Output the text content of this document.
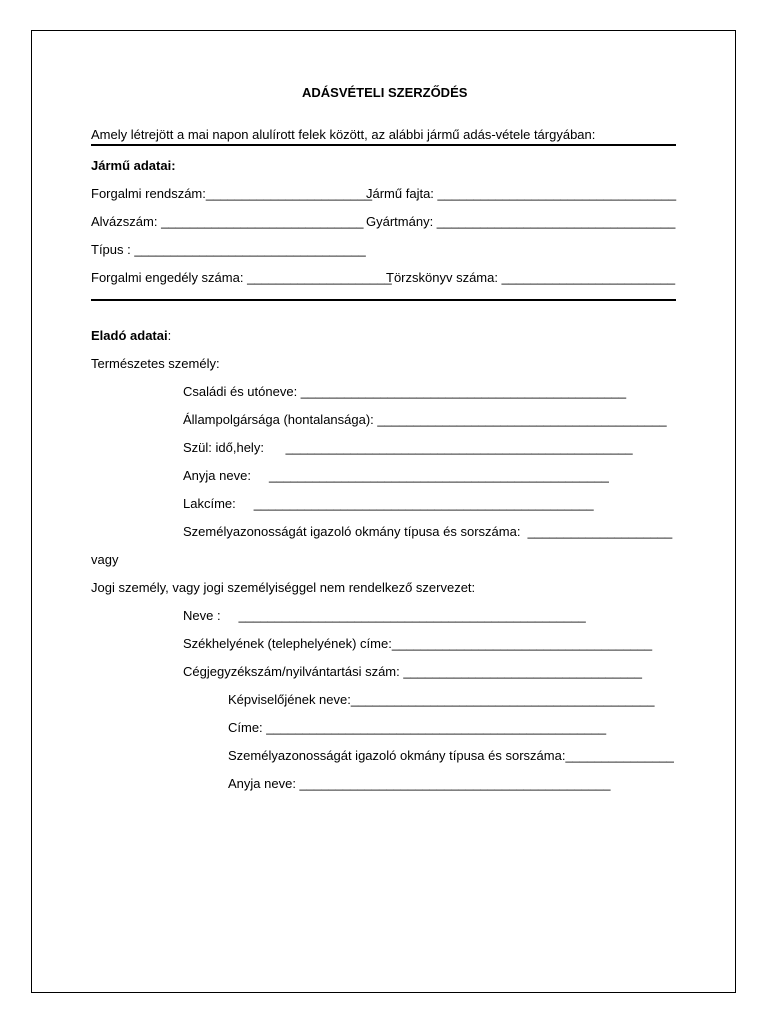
ADÁSVÉTELI SZERZŐDÉS
Amely létrejött a mai napon alulírott felek között, az alábbi jármű adás-vétele tárgyában:
Jármű adatai:
Forgalmi rendszám:_______________________
Jármű fajta: _________________________________
Alvázszám: ____________________________ Gyártmány: _________________________________
Típus : ________________________________
Forgalmi engedély száma: ____________________
Törzskönyv száma: ________________________
Eladó adatai:
Természetes személy:
Családi és utóneve: _____________________________________________
Állampolgársága (hontalansága): ________________________________________
Szül: idő,hely:      ________________________________________________
Anyja neve:     _______________________________________________
Lakcíme:     _______________________________________________
Személyazonosságát igazoló okmány típusa és sorszáma:  ____________________
vagy
Jogi személy, vagy jogi személyiséggel nem rendelkező szervezet:
Neve :     ________________________________________________
Székhelyének (telephelyének) címe:____________________________________
Cégjegyzékszám/nyilvántartási szám: _________________________________
Képviselőjének neve:__________________________________________
Címe: _______________________________________________
Személyazonosságát igazoló okmány típusa és sorszáma:_______________
Anyja neve: ___________________________________________
